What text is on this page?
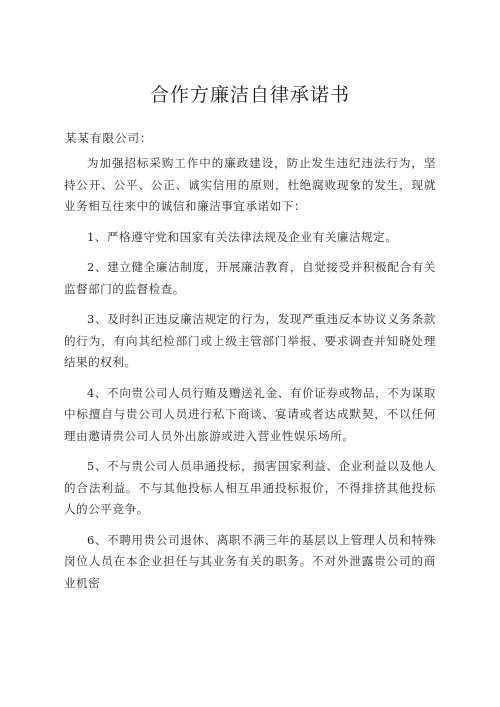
合作方廉洁自律承诺书

某某有限公司：

为加强招标采购工作中的廉政建设，防止发生违纪违法行为，坚持公开、公平、公正、诚实信用的原则，杜绝腐败现象的发生，现就业务相互往来中的诚信和廉洁事宜承诺如下：

1、严格遵守党和国家有关法律法规及企业有关廉洁规定。

2、建立健全廉洁制度，开展廉洁教育，自觉接受并积极配合有关监督部门的监督检查。

3、及时纠正违反廉洁规定的行为，发现严重违反本协议义务条款的行为，有向其纪检部门或上级主管部门举报、要求调查并知晓处理结果的权利。

4、不向贵公司人员行贿及赠送礼金、有价证券或物品，不为谋取中标擅自与贵公司人员进行私下商谈、宴请或者达成默契，不以任何理由邀请贵公司人员外出旅游或进入营业性娱乐场所。

5、不与贵公司人员串通投标，损害国家利益、企业利益以及他人的合法利益。不与其他投标人相互串通投标报价，不得排挤其他投标人的公平竞争。

6、不聘用贵公司退休、离职不满三年的基层以上管理人员和特殊岗位人员在本企业担任与其业务有关的职务。不对外泄露贵公司的商业机密
